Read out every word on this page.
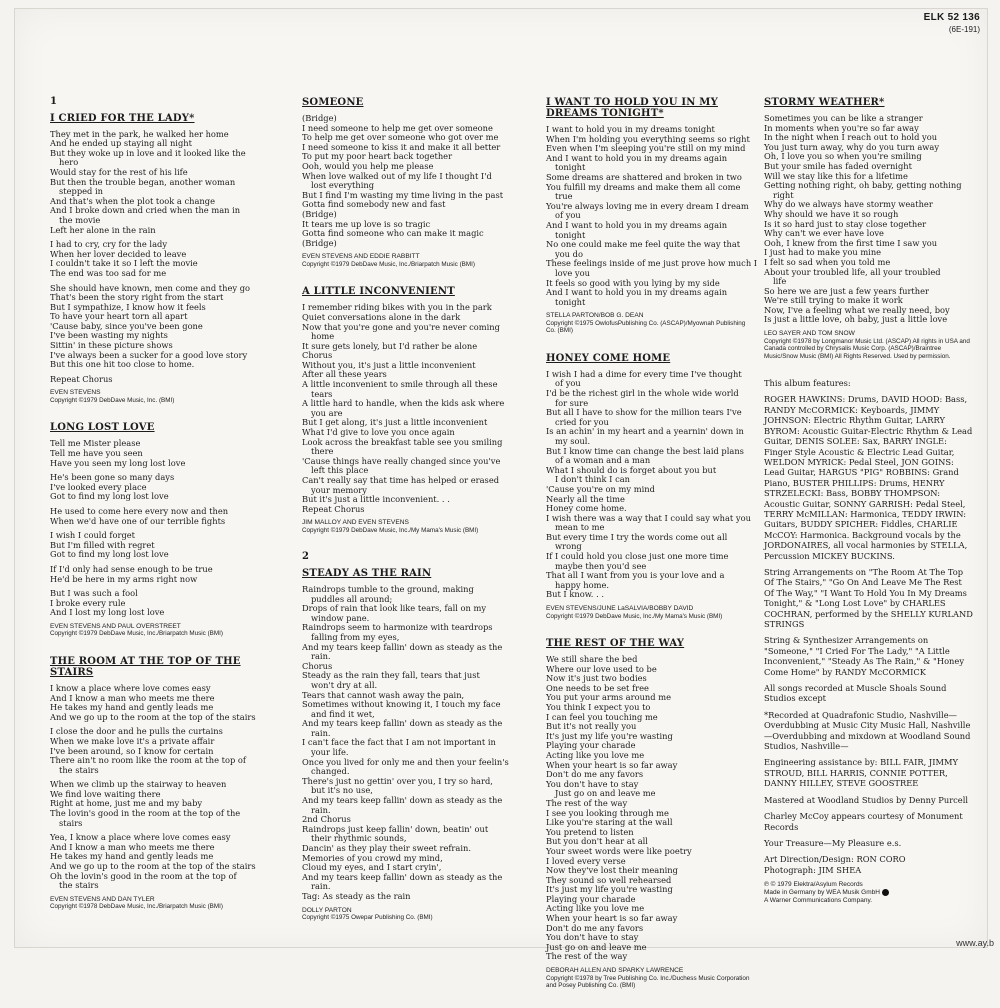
ELK 52 136
(6E-191)
1
I CRIED FOR THE LADY*
They met in the park, he walked her home
And he ended up staying all night
But they woke up in love and it looked like the
hero
Would stay for the rest of his life
But then the trouble began, another woman
stepped in
And that's when the plot took a change
And I broke down and cried when the man in
the movie
Left her alone in the rain
I had to cry, cry for the lady
When her lover decided to leave
I couldn't take it so I left the movie
The end was too sad for me
She should have known, men come and they go
That's been the story right from the start
But I sympathize, I know how it feels
To have your heart torn all apart
'Cause baby, since you've been gone
I've been wasting my nights
Sittin' in these picture shows
I've always been a sucker for a good love story
But this one hit too close to home.
Repeat Chorus
EVEN STEVENS
Copyright ©1979 DebDave Music, Inc. (BMI)
LONG LOST LOVE
Tell me Mister please
Tell me have you seen
Have you seen my long lost love
He's been gone so many days
I've looked every place
Got to find my long lost love
He used to come here every now and then
When we'd have one of our terrible fights
I wish I could forget
But I'm filled with regret
Got to find my long lost love
If I'd only had sense enough to be true
He'd be here in my arms right now
But I was such a fool
I broke every rule
And I lost my long lost love
EVEN STEVENS AND PAUL OVERSTREET
Copyright ©1979 DebDave Music, Inc./Briarpatch Music (BMI)
THE ROOM AT THE TOP OF THE STAIRS
I know a place where love comes easy
And I know a man who meets me there
He takes my hand and gently leads me
And we go up to the room at the top of the stairs
I close the door and he pulls the curtains
When we make love it's a private affair
I've been around, so I know for certain
There ain't no room like the room at the top of
the stairs
When we climb up the stairway to heaven
We find love waiting there
Right at home, just me and my baby
The lovin's good in the room at the top of the
stairs
Yea, I know a place where love comes easy
And I know a man who meets me there
He takes my hand and gently leads me
And we go up to the room at the top of the stairs
Oh the lovin's good in the room at the top of
the stairs
EVEN STEVENS AND DAN TYLER
Copyright ©1978 DebDave Music, Inc./Briarpatch Music (BMI)
SOMEONE
(Bridge)
I need someone to help me get over someone
To help me get over someone who got over me
I need someone to kiss it and make it all better
To put my poor heart back together
Ooh, would you help me please
When love walked out of my life I thought I'd
lost everything
But I find I'm wasting my time living in the past
Gotta find somebody new and fast
(Bridge)
It tears me up love is so tragic
Gotta find someone who can make it magic
(Bridge)
EVEN STEVENS AND EDDIE RABBITT
Copyright ©1979 DebDave Music, Inc./Briarpatch Music (BMI)
A LITTLE INCONVENIENT
I remember riding bikes with you in the park
Quiet conversations alone in the dark
Now that you're gone and you're never coming
home
It sure gets lonely, but I'd rather be alone
Chorus
Without you, it's just a little inconvenient
After all these years
A little inconvenient to smile through all these
tears
A little hard to handle, when the kids ask where
you are
But I get along, it's just a little inconvenient
What I'd give to love you once again
Look across the breakfast table see you smiling
there
'Cause things have really changed since you've
left this place
Can't really say that time has helped or erased
your memory
But it's just a little inconvenient. . .
Repeat Chorus
JIM MALLOY AND EVEN STEVENS
Copyright ©1979 DebDave Music, Inc./My Mama's Music (BMI)
2
STEADY AS THE RAIN
Raindrops tumble to the ground, making
puddles all around;
Drops of rain that look like tears, fall on my
window pane.
Raindrops seem to harmonize with teardrops
falling from my eyes,
And my tears keep fallin' down as steady as the
rain.
Chorus
Steady as the rain they fall, tears that just
won't dry at all.
Tears that cannot wash away the pain,
Sometimes without knowing it, I touch my face
and find it wet,
And my tears keep fallin' down as steady as the
rain.
I can't face the fact that I am not important in
your life.
Once you lived for only me and then your feelin's
changed.
There's just no gettin' over you, I try so hard,
but it's no use,
And my tears keep fallin' down as steady as the
rain.
2nd Chorus
Raindrops just keep fallin' down, beatin' out
their rhythmic sounds,
Dancin' as they play their sweet refrain.
Memories of you crowd my mind,
Cloud my eyes, and I start cryin',
And my tears keep fallin' down as steady as the
rain.
Tag: As steady as the rain
DOLLY PARTON
Copyright ©1975 Owepar Publishing Co. (BMI)
I WANT TO HOLD YOU IN MY DREAMS TONIGHT*
I want to hold you in my dreams tonight
When I'm holding you everything seems so right
Even when I'm sleeping you're still on my mind
And I want to hold you in my dreams again
tonight
Some dreams are shattered and broken in two
You fulfill my dreams and make them all come
true
You're always loving me in every dream I dream
of you
And I want to hold you in my dreams again
tonight
No one could make me feel quite the way that
you do
These feelings inside of me just prove how much I
love you
It feels so good with you lying by my side
And I want to hold you in my dreams again
tonight
STELLA PARTON/BOB G. DEAN
Copyright ©1975 OwlofusPublishing Co. (ASCAP)/Myownah Publishing Co. (BMI)
HONEY COME HOME
I wish I had a dime for every time I've thought
of you
I'd be the richest girl in the whole wide world
for sure
But all I have to show for the million tears I've
cried for you
Is an achin' in my heart and a yearnin' down in
my soul.
But I know time can change the best laid plans
of a woman and a man
What I should do is forget about you but
I don't think I can
'Cause you're on my mind
Nearly all the time
Honey come home.
I wish there was a way that I could say what you
mean to me
But every time I try the words come out all
wrong
If I could hold you close just one more time
maybe then you'd see
That all I want from you is your love and a
happy home.
But I know. . .
EVEN STEVENS/JUNE LaSALVIA/BOBBY DAVID
Copyright ©1979 DebDave Music, Inc./My Mama's Music (BMI)
THE REST OF THE WAY
We still share the bed
Where our love used to be
Now it's just two bodies
One needs to be set free
You put your arms around me
You think I expect you to
I can feel you touching me
But it's not really you
It's just my life you're wasting
Playing your charade
Acting like you love me
When your heart is so far away
Don't do me any favors
You don't have to stay
Just go on and leave me
The rest of the way
I see you looking through me
Like you're staring at the wall
You pretend to listen
But you don't hear at all
Your sweet words were like poetry
I loved every verse
Now they've lost their meaning
They sound so well rehearsed
It's just my life you're wasting
Playing your charade
Acting like you love me
When your heart is so far away
Don't do me any favors
You don't have to stay
Just go on and leave me
The rest of the way
DEBORAH ALLEN AND SPARKY LAWRENCE
Copyright ©1978 by Tree Publishing Co. Inc./Duchess Music Corporation and Posey Publishing Co. (BMI)
STORMY WEATHER*
Sometimes you can be like a stranger
In moments when you're so far away
In the night when I reach out to hold you
You just turn away, why do you turn away
Oh, I love you so when you're smiling
But your smile has faded overnight
Will we stay like this for a lifetime
Getting nothing right, oh baby, getting nothing
right
Why do we always have stormy weather
Why should we have it so rough
Is it so hard just to stay close together
Why can't we ever have love
Ooh, I knew from the first time I saw you
I just had to make you mine
I felt so sad when you told me
About your troubled life, all your troubled
life
So here we are just a few years further
We're still trying to make it work
Now, I've a feeling what we really need, boy
Is just a little love, oh baby, just a little love
LEO SAYER AND TOM SNOW
Copyright ©1978 by Longmanor Music Ltd. (ASCAP) All rights in USA and Canada controlled by Chrysalis Music Corp. (ASCAP)/Braintree Music/Snow Music (BMI) All Rights Reserved. Used by permission.

This album features:

ROGER HAWKINS: Drums, DAVID HOOD: Bass, RANDY McCORMICK: Keyboards, JIMMY JOHNSON: Electric Rhythm Guitar, LARRY BYROM: Acoustic Guitar-Electric Rhythm & Lead Guitar, DENIS SOLEE: Sax, BARRY INGLE: Finger Style Acoustic & Electric Lead Guitar, WELDON MYRICK: Pedal Steel, JON GOINS: Lead Guitar, HARGUS "PIG" ROBBINS: Grand Piano, BUSTER PHILLIPS: Drums, HENRY STRZELECKI: Bass, BOBBY THOMPSON: Acoustic Guitar, SONNY GARRISH: Pedal Steel, TERRY McMILLAN: Harmonica, TEDDY IRWIN: Guitars, BUDDY SPICHER: Fiddles, CHARLIE McCOY: Harmonica. Background vocals by the JORDONAIRES, all vocal harmonies by STELLA, Percussion MICKEY BUCKINS.

String Arrangements on "The Room At The Top Of The Stairs," "Go On And Leave Me The Rest Of The Way," "I Want To Hold You In My Dreams Tonight," & "Long Lost Love" by CHARLES COCHRAN, performed by the SHELLY KURLAND STRINGS

String & Synthesizer Arrangements on "Someone," "I Cried For The Lady," "A Little Inconvenient," "Steady As The Rain," & "Honey Come Home" by RANDY McCORMICK

All songs recorded at Muscle Shoals Sound Studios except

*Recorded at Quadrafonic Studio, Nashville—Overdubbing at Music City Music Hall, Nashville—Overdubbing and mixdown at Woodland Sound Studios, Nashville—

Engineering assistance by: BILL FAIR, JIMMY STROUD, BILL HARRIS, CONNIE POTTER, DANNY HILLEY, STEVE GOOSTREE

Mastered at Woodland Studios by Denny Purcell

Charley McCoy appears courtesy of Monument Records

Your Treasure—My Pleasure e.s.

Art Direction/Design: RON CORO
Photograph: JIM SHEA

℗ © 1979 Elektra/Asylum Records
Made in Germany by WEA Musik GmbH
A Warner Communications Company.
www.ay.b
